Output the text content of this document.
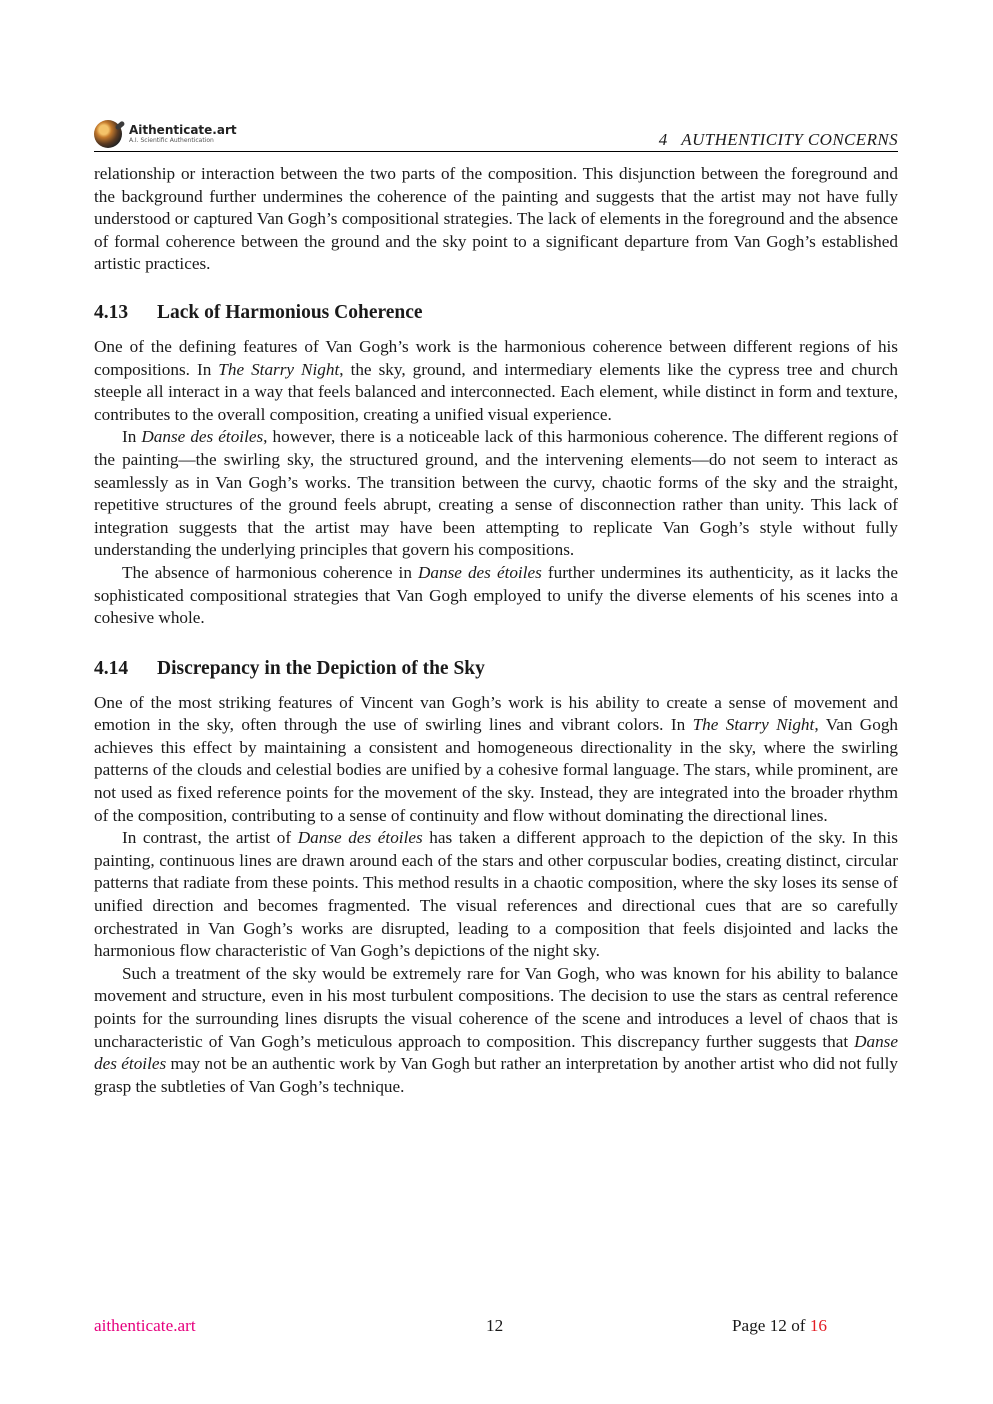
Aithenticate.art
A.I. Scientific Authentication	4   AUTHENTICITY CONCERNS

relationship or interaction between the two parts of the composition. This disjunction between the foreground and the background further undermines the coherence of the painting and suggests that the artist may not have fully understood or captured Van Gogh’s compositional strategies. The lack of elements in the foreground and the absence of formal coherence between the ground and the sky point to a significant departure from Van Gogh’s established artistic practices.

4.13 Lack of Harmonious Coherence

One of the defining features of Van Gogh’s work is the harmonious coherence between different regions of his compositions. In The Starry Night, the sky, ground, and intermediary elements like the cypress tree and church steeple all interact in a way that feels balanced and interconnected. Each element, while distinct in form and texture, contributes to the overall composition, creating a unified visual experience.

In Danse des étoiles, however, there is a noticeable lack of this harmonious coherence. The different regions of the painting—the swirling sky, the structured ground, and the intervening elements—do not seem to interact as seamlessly as in Van Gogh’s works. The transition between the curvy, chaotic forms of the sky and the straight, repetitive structures of the ground feels abrupt, creating a sense of disconnection rather than unity. This lack of integration suggests that the artist may have been attempting to replicate Van Gogh’s style without fully understanding the underlying principles that govern his compositions.

The absence of harmonious coherence in Danse des étoiles further undermines its authenticity, as it lacks the sophisticated compositional strategies that Van Gogh employed to unify the diverse elements of his scenes into a cohesive whole.

4.14 Discrepancy in the Depiction of the Sky

One of the most striking features of Vincent van Gogh’s work is his ability to create a sense of movement and emotion in the sky, often through the use of swirling lines and vibrant colors. In The Starry Night, Van Gogh achieves this effect by maintaining a consistent and homogeneous directionality in the sky, where the swirling patterns of the clouds and celestial bodies are unified by a cohesive formal language. The stars, while prominent, are not used as fixed reference points for the movement of the sky. Instead, they are integrated into the broader rhythm of the composition, contributing to a sense of continuity and flow without dominating the directional lines.

In contrast, the artist of Danse des étoiles has taken a different approach to the depiction of the sky. In this painting, continuous lines are drawn around each of the stars and other corpuscular bodies, creating distinct, circular patterns that radiate from these points. This method results in a chaotic composition, where the sky loses its sense of unified direction and becomes fragmented. The visual references and directional cues that are so carefully orchestrated in Van Gogh’s works are disrupted, leading to a composition that feels disjointed and lacks the harmonious flow characteristic of Van Gogh’s depictions of the night sky.

Such a treatment of the sky would be extremely rare for Van Gogh, who was known for his ability to balance movement and structure, even in his most turbulent compositions. The decision to use the stars as central reference points for the surrounding lines disrupts the visual coherence of the scene and introduces a level of chaos that is uncharacteristic of Van Gogh’s meticulous approach to composition. This discrepancy further suggests that Danse des étoiles may not be an authentic work by Van Gogh but rather an interpretation by another artist who did not fully grasp the subtleties of Van Gogh’s technique.

aithenticate.art	12	Page 12 of 16
